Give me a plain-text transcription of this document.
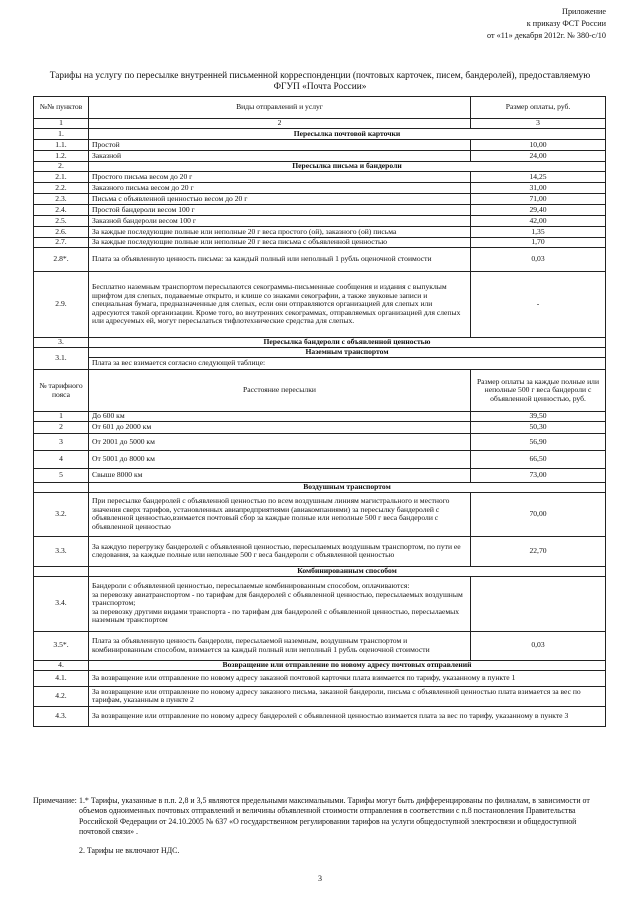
Приложение
к приказу ФСТ России
от «11» декабря 2012г. № 380-с/10
Тарифы на услугу по пересылке внутренней письменной корреспонденции (почтовых карточек, писем, бандеролей), предоставляемую
ФГУП «Почта России»
№№ пунктов	Виды отправлений и услуг	Размер оплаты, руб.
1	2	3
1.	Пересылка почтовой карточки	
1.1.	Простой	10,00
1.2.	Заказной	24,00
2.	Пересылка письма и бандероли	
2.1.	Простого письма весом до 20 г	14,25
2.2.	Заказного письма весом до 20 г	31,00
2.3.	Письма с объявленной ценностью весом до 20 г	71,00
2.4.	Простой бандероли весом 100 г	29,40
2.5.	Заказной бандероли весом 100 г	42,00
2.6.	За каждые последующие полные или неполные 20 г веса простого (ой), заказного (ой) письма	1,35
2.7.	За каждые последующие полные или неполные 20 г веса письма с объявленной ценностью	1,70
2.8*.	Плата за объявленную ценность письма: за каждый полный или неполный 1 рубль оценочной стоимости	0,03
2.9.	Бесплатно наземным транспортом пересылаются секограммы-письменные сообщения и издания с выпуклым шрифтом для слепых, подаваемые открыто, и клише со знаками секографии, а также звуковые записи и специальная бумага, предназначенные для слепых, если они отправляются организацией для слепых или адресуются такой организации. Кроме того, во внутренних секограммах, отправляемых организацией для слепых или адресуемых ей, могут пересылаться тифлотехнические средства для слепых.	-
3.	Пересылка бандероли с объявленной ценностью	
3.1.	Наземным транспортом	
	Плата за вес взимается согласно следующей таблице:	
№ тарифного пояса	Расстояние пересылки	Размер оплаты за каждые полные или неполные 500 г веса бандероли с объявленной ценностью, руб.
1	До 600 км	39,50
2	От 601 до 2000 км	50,30
3	От 2001 до 5000 км	56,90
4	От 5001 до 8000 км	66,50
5	Свыше 8000 км	73,00
	Воздушным транспортом	
3.2.	При пересылке бандеролей с объявленной ценностью по всем воздушным линиям магистрального и местного значения сверх тарифов, установленных авиапредприятиями (авиакомпаниями) за пересылку бандеролей с объявленной ценностью,взимается почтовый сбор за каждые полные или неполные 500 г веса бандероли с объявленной ценностью	70,00
3.3.	За каждую перегрузку бандеролей с объявленной ценностью, пересылаемых воздушным транспортом, по пути ее следования, за каждые полные или неполные 500 г веса бандероли с объявленной ценностью	22,70
	Комбинированным способом	
3.4.	Бандероли с объявленной ценностью, пересылаемые комбинированным способом, оплачиваются:
за перевозку авиатранспортом - по тарифам для бандеролей с объявленной ценностью, пересылаемых воздушным транспортом;
за перевозку другими видами транспорта - по тарифам для бандеролей с объявленной ценностью, пересылаемых наземным транспортом	

3.5*.	Плата за объявленную ценность бандероли, пересылаемой наземным, воздушным транспортом и комбинированным способом, взимается за каждый полный или неполный 1 рубль оценочной стоимости	0,03
4.	Возвращение или отправление по новому адресу почтовых отправлений	
4.1.	За возвращение или отправление по новому адресу заказной почтовой карточки плата взимается по тарифу, указанному в пункте 1	
4.2.	За возвращение или отправление по новому адресу заказного письма, заказной бандероли, письма с объявленной ценностью плата взимается за вес по тарифам, указанным в пункте 2	
4.3.	За возвращение или отправление по новому адресу бандеролей с объявленной ценностью взимается плата за вес по тарифу, указанному в пункте 3	
Примечание: 1.* Тарифы, указанные в п.п. 2,8 и 3,5 являются предельными максимальными. Тарифы могут быть дифференцированы по филиалам, в зависимости от объемов одноименных почтовых отправлений и величины объявленной стоимости отправления в соответствии с п.8 постановления Правительства Российской Федерации от 24.10.2005 № 637 «О государственном регулировании тарифов на услуги общедоступной электросвязи и общедоступной почтовой связи» .

2. Тарифы не включают НДС.

3
